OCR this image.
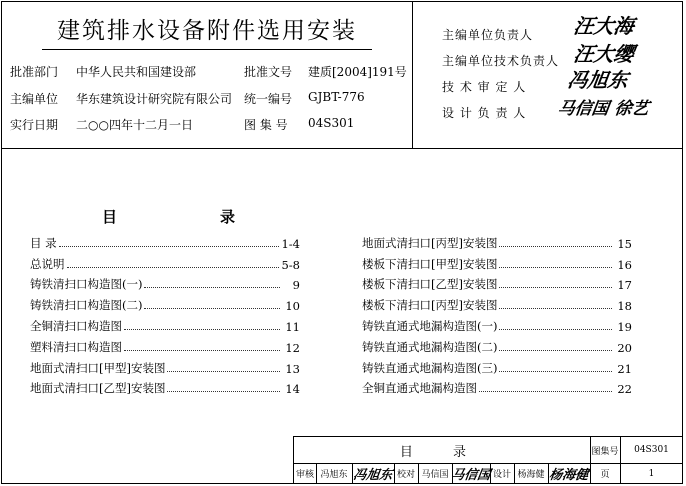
建筑排水设备附件选用安装
批准部门 中华人民共和国建设部	批准文号 建质[2004]191号
主编单位 华东建筑设计研究院有限公司 统一编号 GJBT-776
实行日期 二○○四年十二月一日	图 集 号 04S301
主编单位负责人 汪大海
主编单位技术负责人 汪大缨
技 术 审 定 人 冯旭东
设 计 负 责 人 马信国 徐艺
目	录
目 录	1-4
总说明	5-8
铸铁清扫口构造图(一)	9
铸铁清扫口构造图(二)	10
全铜清扫口构造图	11
塑料清扫口构造图	12
地面式清扫口[甲型]安装图	13
地面式清扫口[乙型]安装图	14
地面式清扫口[丙型]安装图	15
楼板下清扫口[甲型]安装图	16
楼板下清扫口[乙型]安装图	17
楼板下清扫口[丙型]安装图	18
铸铁直通式地漏构造图(一)	19
铸铁直通式地漏构造图(二)	20
铸铁直通式地漏构造图(三)	21
全铜直通式地漏构造图	22
目 录	图集号	04S301
审核 冯旭东 冯旭东 校对 马信国 马信国 设计 杨海健 杨海健	页	1
